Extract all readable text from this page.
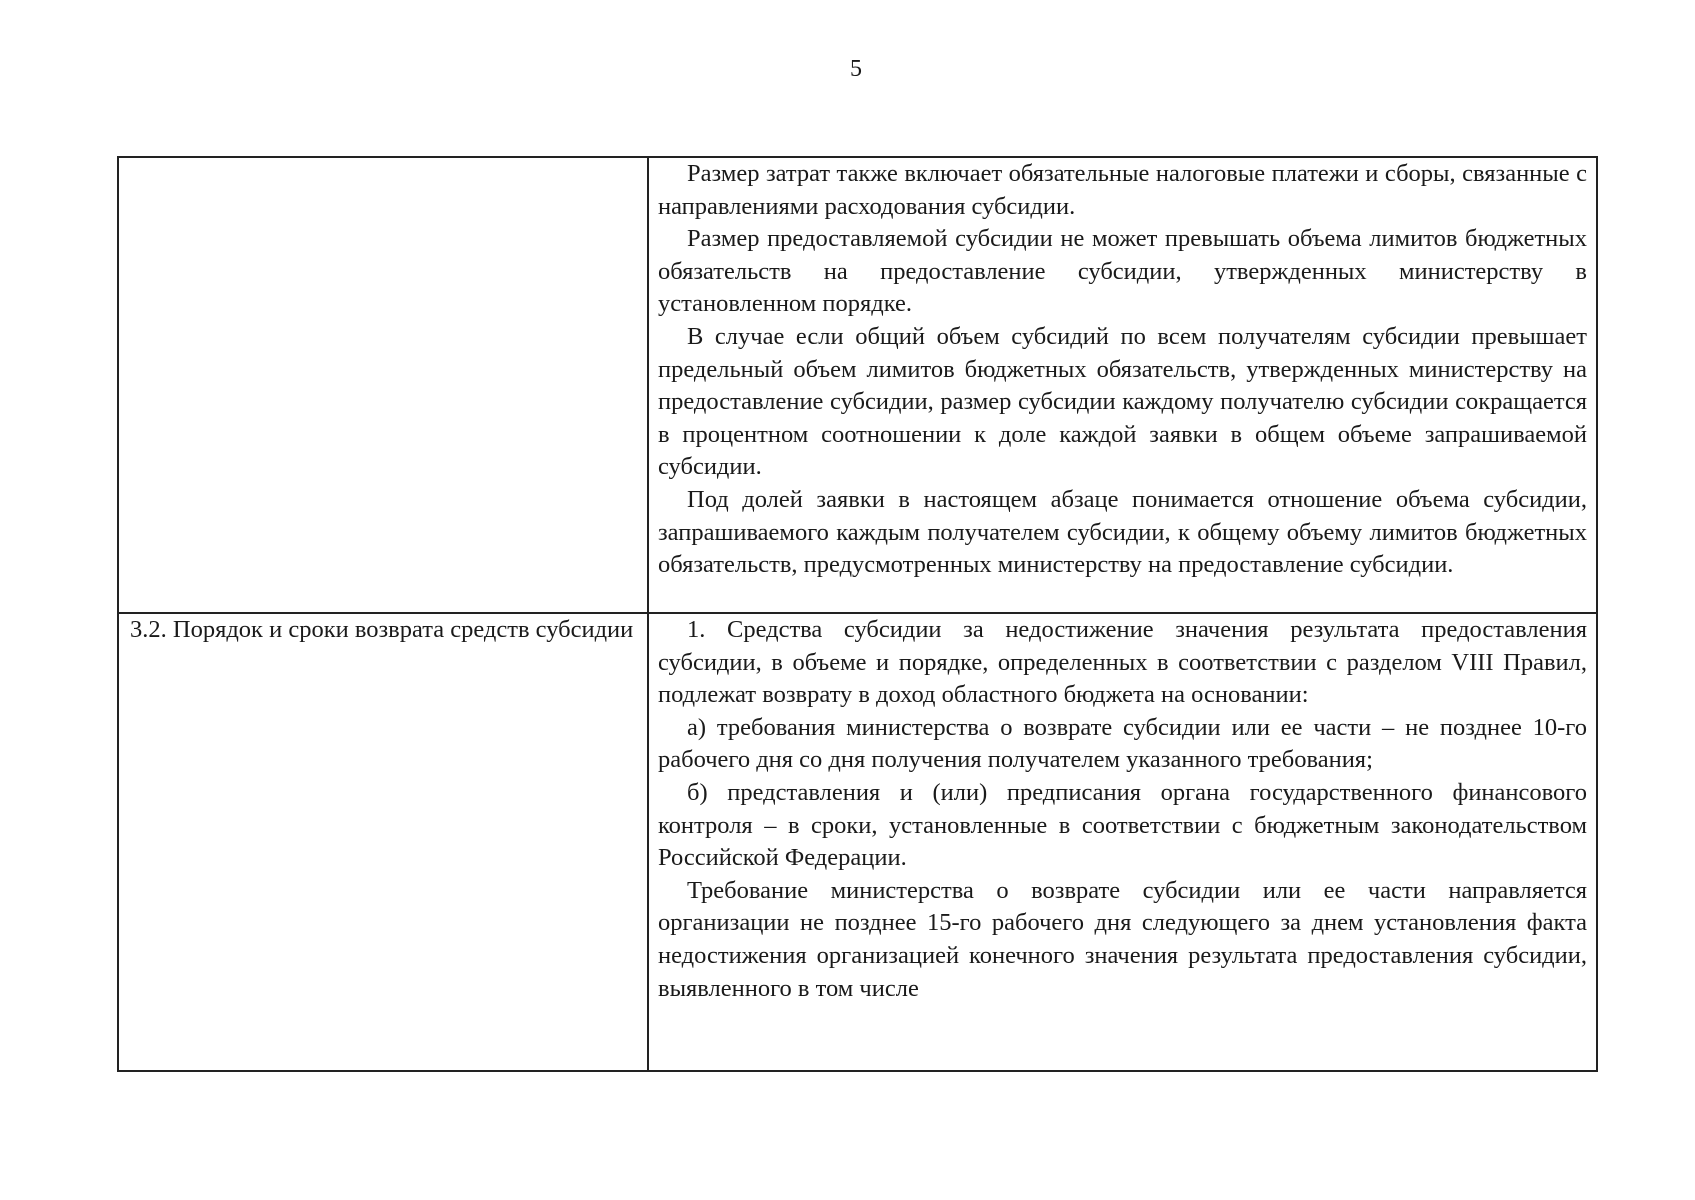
5

	Размер затрат также включает обязательные налоговые платежи и сборы, связанные с направлениями расходования субсидии.

Размер предоставляемой субсидии не может превышать объема лимитов бюджетных обязательств на предоставление субсидии, утвержденных министерству в установленном порядке.

В случае если общий объем субсидий по всем получателям субсидии превышает предельный объем лимитов бюджетных обязательств, утвержденных министерству на предоставление субсидии, размер субсидии каждому получателю субсидии сокращается в процентном соотношении к доле каждой заявки в общем объеме запрашиваемой субсидии.

Под долей заявки в настоящем абзаце понимается отношение объема субсидии, запрашиваемого каждым получателем субсидии, к общему объему лимитов бюджетных обязательств, предусмотренных министерству на предоставление субсидии.

3.2. Порядок и сроки возврата средств субсидии	1. Средства субсидии за недостижение значения результата предоставления субсидии, в объеме и порядке, определенных в соответствии с разделом VIII Правил, подлежат возврату в доход областного бюджета на основании:

а) требования министерства о возврате субсидии или ее части – не позднее 10-го рабочего дня со дня получения получателем указанного требования;

б) представления и (или) предписания органа государственного финансового контроля – в сроки, установленные в соответствии с бюджетным законодательством Российской Федерации.

Требование министерства о возврате субсидии или ее части направляется организации не позднее 15-го рабочего дня следующего за днем установления факта недостижения организацией конечного значения результата предоставления субсидии, выявленного в том числе
